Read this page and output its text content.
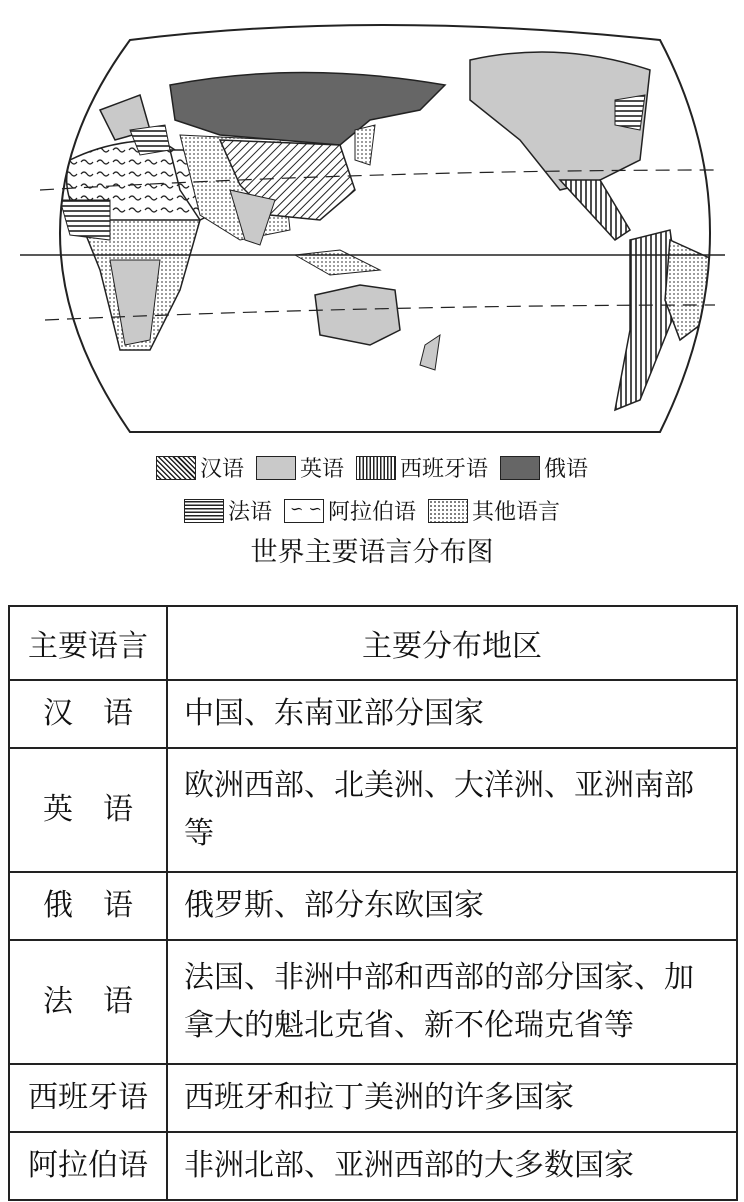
汉语	英语	西班牙语	俄语
法语 ∽ ∽	阿拉伯语	其他语言
世界主要语言分布图
主要语言	主要分布地区
汉　语	中国、东南亚部分国家
英　语	欧洲西部、北美洲、大洋洲、亚洲南部等
俄　语	俄罗斯、部分东欧国家
法　语	法国、非洲中部和西部的部分国家、加拿大的魁北克省、新不伦瑞克省等
西班牙语	西班牙和拉丁美洲的许多国家
阿拉伯语	非洲北部、亚洲西部的大多数国家
